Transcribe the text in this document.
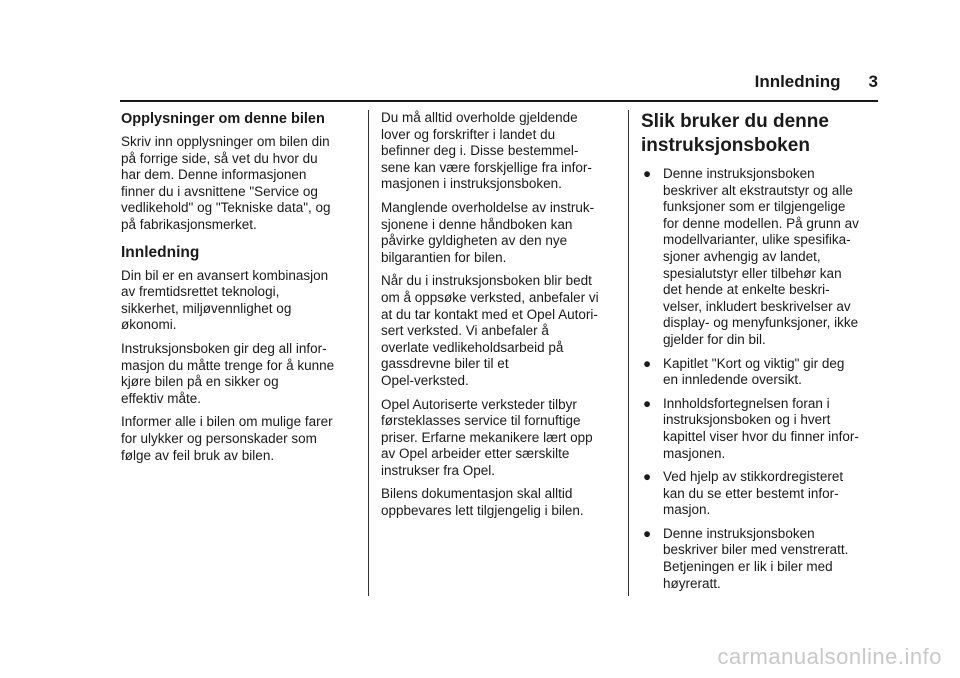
Innledning 3
Opplysninger om denne bilen

Skriv inn opplysninger om bilen din
på forrige side, så vet du hvor du
har dem. Denne informasjonen
finner du i avsnittene "Service og
vedlikehold" og "Tekniske data", og
på fabrikasjonsmerket.

Innledning

Din bil er en avansert kombinasjon
av fremtidsrettet teknologi,
sikkerhet, miljøvennlighet og
økonomi.

Instruksjonsboken gir deg all infor-
masjon du måtte trenge for å kunne
kjøre bilen på en sikker og
effektiv måte.

Informer alle i bilen om mulige farer
for ulykker og personskader som
følge av feil bruk av bilen.

Du må alltid overholde gjeldende
lover og forskrifter i landet du
befinner deg i. Disse bestemmel-
sene kan være forskjellige fra infor-
masjonen i instruksjonsboken.

Manglende overholdelse av instruk-
sjonene i denne håndboken kan
påvirke gyldigheten av den nye
bilgarantien for bilen.

Når du i instruksjonsboken blir bedt
om å oppsøke verksted, anbefaler vi
at du tar kontakt med et Opel Autori-
sert verksted. Vi anbefaler å
overlate vedlikeholdsarbeid på
gassdrevne biler til et
Opel-verksted.

Opel Autoriserte verksteder tilbyr
førsteklasses service til fornuftige
priser. Erfarne mekanikere lært opp
av Opel arbeider etter særskilte
instrukser fra Opel.

Bilens dokumentasjon skal alltid
oppbevares lett tilgjengelig i bilen.

Slik bruker du denne
instruksjonsboken
● Denne instruksjonsboken
beskriver alt ekstrautstyr og alle
funksjoner som er tilgjengelige
for denne modellen. På grunn av
modellvarianter, ulike spesifika-
sjoner avhengig av landet,
spesialutstyr eller tilbehør kan
det hende at enkelte beskri-
velser, inkludert beskrivelser av
display- og menyfunksjoner, ikke
gjelder for din bil.
● Kapitlet "Kort og viktig" gir deg
en innledende oversikt.
● Innholdsfortegnelsen foran i
instruksjonsboken og i hvert
kapittel viser hvor du finner infor-
masjonen.
● Ved hjelp av stikkordregisteret
kan du se etter bestemt infor-
masjon.
● Denne instruksjonsboken
beskriver biler med venstreratt.
Betjeningen er lik i biler med
høyreratt.
carmanualsonline.info
